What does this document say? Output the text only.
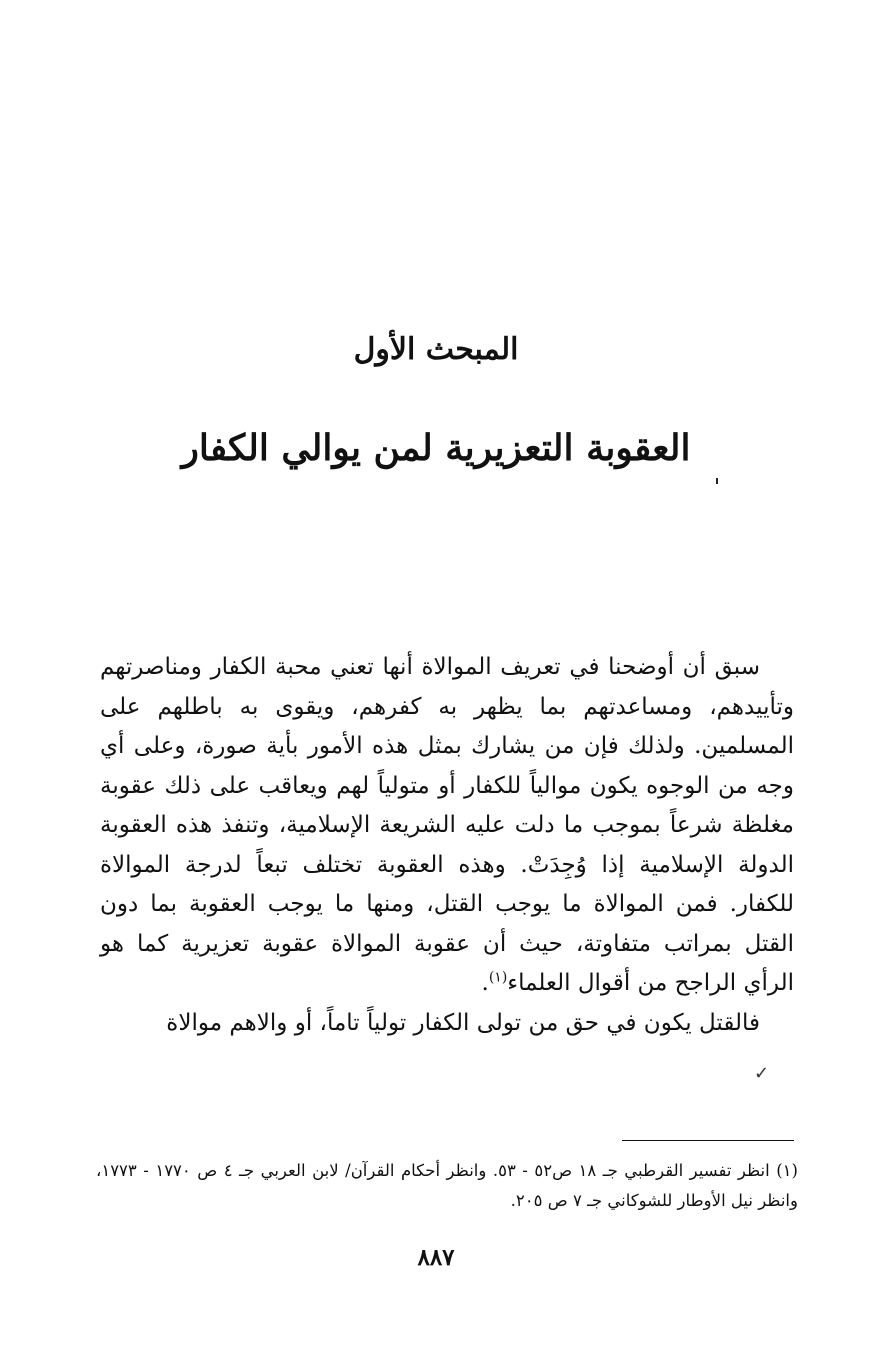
المبحث الأول
العقوبة التعزيرية لمن يوالي الكفار

سبق أن أوضحنا في تعريف الموالاة أنها تعني محبة الكفار ومناصرتهم وتأييدهم، ومساعدتهم بما يظهر به كفرهم، ويقوى به باطلهم على المسلمين. ولذلك فإن من يشارك بمثل هذه الأمور بأية صورة، وعلى أي وجه من الوجوه يكون موالياً للكفار أو متولياً لهم ويعاقب على ذلك عقوبة مغلظة شرعاً بموجب ما دلت عليه الشريعة الإسلامية، وتنفذ هذه العقوبة الدولة الإسلامية إذا وُجِدَتْ. وهذه العقوبة تختلف تبعاً لدرجة الموالاة للكفار. فمن الموالاة ما يوجب القتل، ومنها ما يوجب العقوبة بما دون القتل بمراتب متفاوتة، حيث أن عقوبة الموالاة عقوبة تعزيرية كما هو الرأي الراجح من أقوال العلماء$^{(١)}$.

فالقتل يكون في حق من تولى الكفار تولياً تاماً، أو والاهم موالاة

✓

(١) انظر تفسير القرطبي جـ ١٨ ص٥٢ - ٥٣. وانظر أحكام القرآن/ لابن العربي جـ ٤ ص ١٧٧٠ - ١٧٧٣، وانظر نيل الأوطار للشوكاني جـ ٧ ص ٢٠٥.

٨٨٧
